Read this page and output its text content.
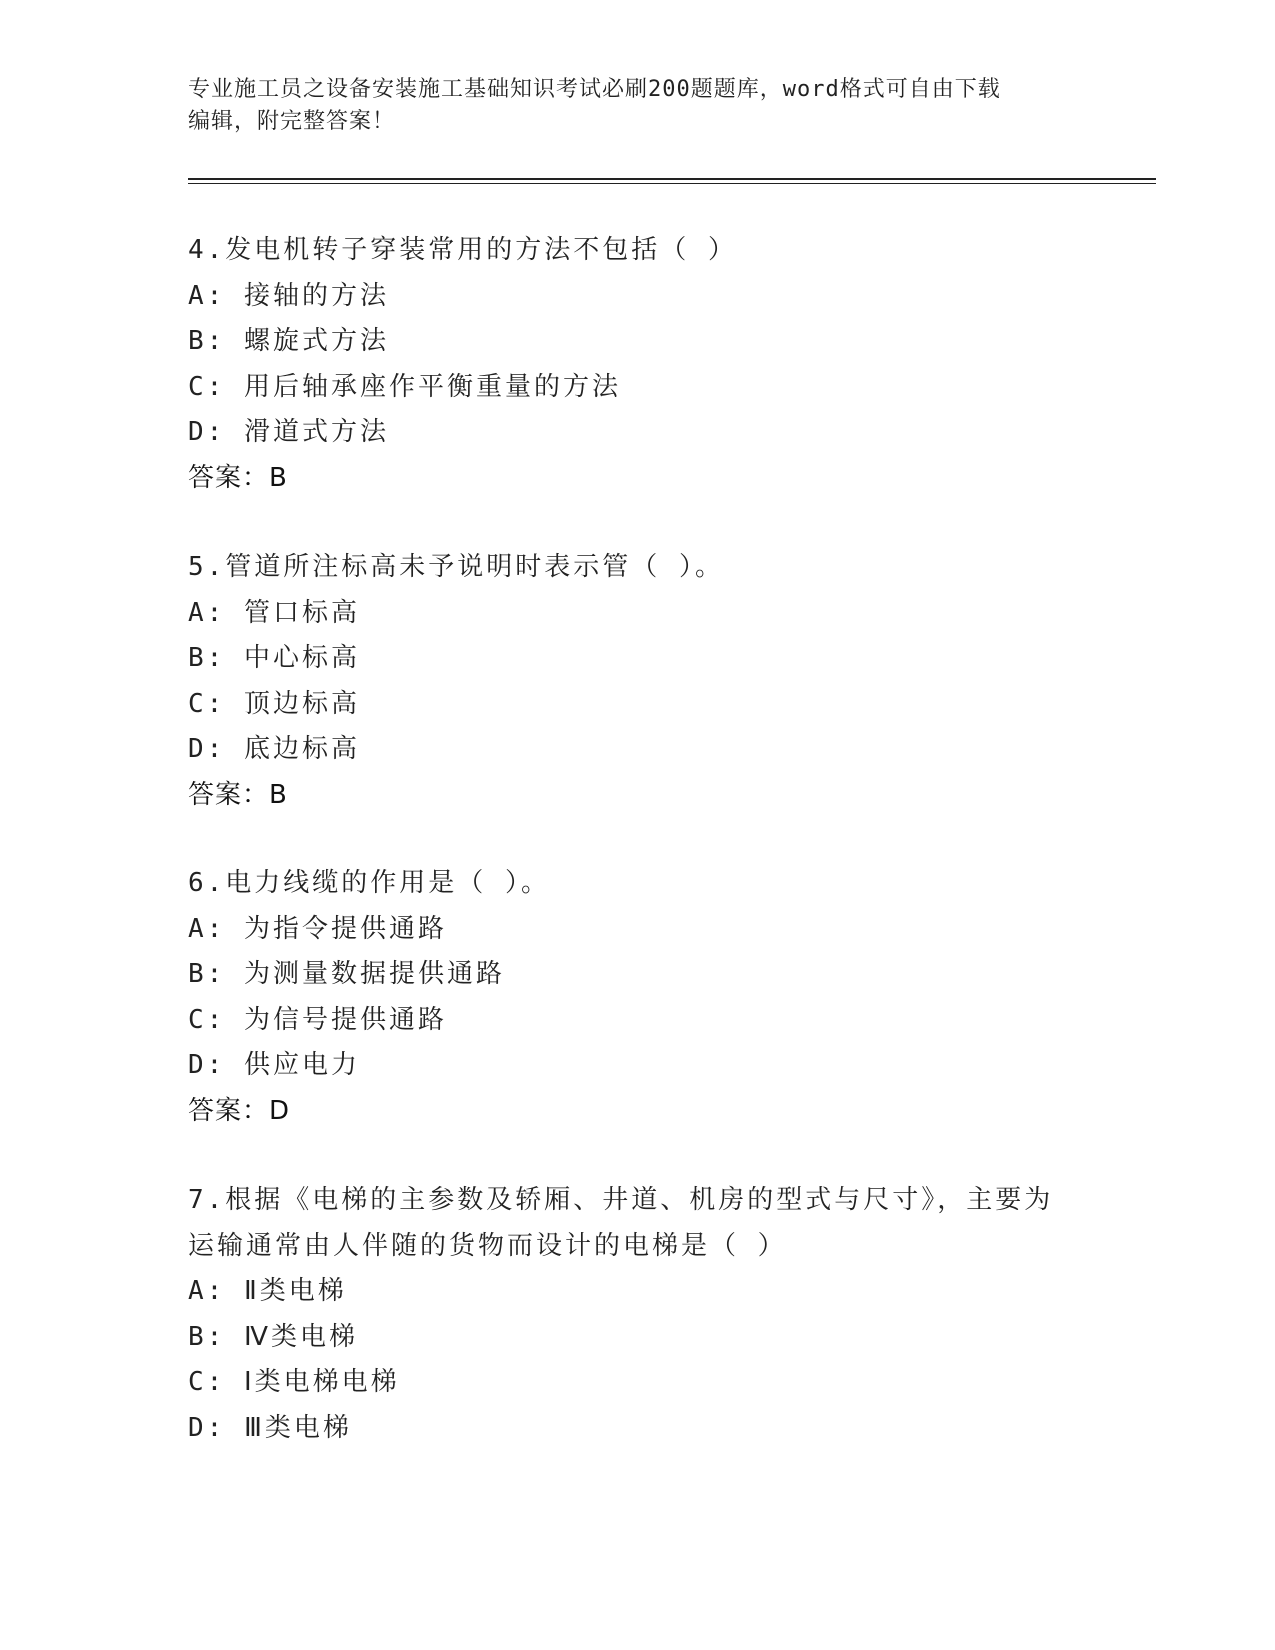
专业施工员之设备安装施工基础知识考试必刷200题题库，word格式可自由下载
编辑，附完整答案！
4.发电机转子穿装常用的方法不包括（ ）
A: 接轴的方法
B: 螺旋式方法
C: 用后轴承座作平衡重量的方法
D: 滑道式方法
答案：B
5.管道所注标高未予说明时表示管（ ）。
A: 管口标高
B: 中心标高
C: 顶边标高
D: 底边标高
答案：B
6.电力线缆的作用是（ ）。
A: 为指令提供通路
B: 为测量数据提供通路
C: 为信号提供通路
D: 供应电力
答案：D
7.根据《电梯的主参数及轿厢、井道、机房的型式与尺寸》，主要为
运输通常由人伴随的货物而设计的电梯是（ ）
A: Ⅱ类电梯
B: Ⅳ类电梯
C: Ⅰ类电梯电梯
D: Ⅲ类电梯
